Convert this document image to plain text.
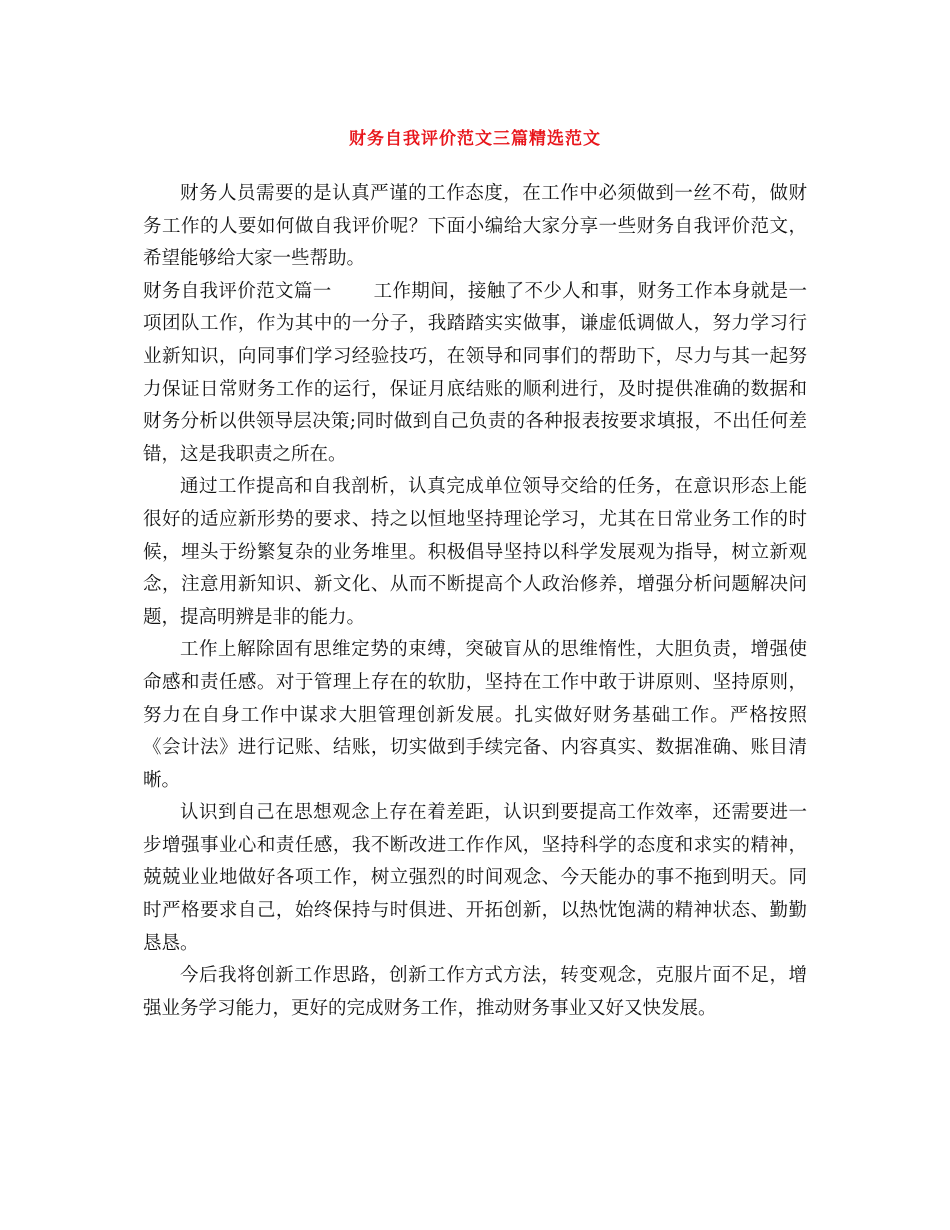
财务自我评价范文三篇精选范文

财务人员需要的是认真严谨的工作态度，在工作中必须做到一丝不苟，做财务工作的人要如何做自我评价呢？下面小编给大家分享一些财务自我评价范文，希望能够给大家一些帮助。

财务自我评价范文篇一 工作期间，接触了不少人和事，财务工作本身就是一项团队工作，作为其中的一分子，我踏踏实实做事，谦虚低调做人，努力学习行业新知识，向同事们学习经验技巧，在领导和同事们的帮助下，尽力与其一起努力保证日常财务工作的运行，保证月底结账的顺利进行，及时提供准确的数据和财务分析以供领导层决策;同时做到自己负责的各种报表按要求填报，不出任何差错，这是我职责之所在。

通过工作提高和自我剖析，认真完成单位领导交给的任务，在意识形态上能很好的适应新形势的要求、持之以恒地坚持理论学习，尤其在日常业务工作的时候，埋头于纷繁复杂的业务堆里。积极倡导坚持以科学发展观为指导，树立新观念，注意用新知识、新文化、从而不断提高个人政治修养，增强分析问题解决问题，提高明辨是非的能力。

工作上解除固有思维定势的束缚，突破盲从的思维惰性，大胆负责，增强使命感和责任感。对于管理上存在的软肋，坚持在工作中敢于讲原则、坚持原则，努力在自身工作中谋求大胆管理创新发展。扎实做好财务基础工作。严格按照《会计法》进行记账、结账，切实做到手续完备、内容真实、数据准确、账目清晰。

认识到自己在思想观念上存在着差距，认识到要提高工作效率，还需要进一步增强事业心和责任感，我不断改进工作作风，坚持科学的态度和求实的精神，兢兢业业地做好各项工作，树立强烈的时间观念、今天能办的事不拖到明天。同时严格要求自己，始终保持与时俱进、开拓创新，以热忱饱满的精神状态、勤勤恳恳。

今后我将创新工作思路，创新工作方式方法，转变观念，克服片面不足，增强业务学习能力，更好的完成财务工作，推动财务事业又好又快发展。
